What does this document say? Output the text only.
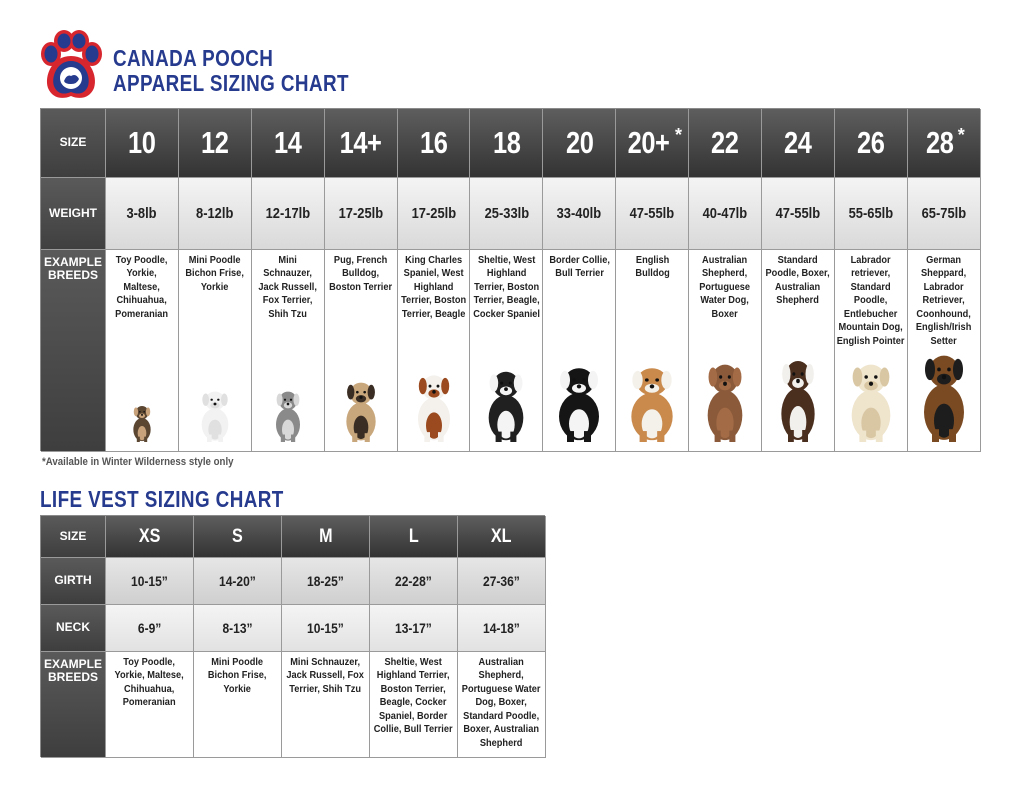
CANADA POOCH
APPAREL SIZING CHART
SIZE
WEIGHT
EXAMPLE BREEDS
10
3-8lb
Toy Poodle, Yorkie, Maltese, Chihuahua, Pomeranian
12
8-12lb
Mini Poodle Bichon Frise, Yorkie
14
12-17lb
Mini Schnauzer, Jack Russell, Fox Terrier, Shih Tzu
14+
17-25lb
Pug, French Bulldog, Boston Terrier
16
17-25lb
King Charles Spaniel, West Highland Terrier, Boston Terrier, Beagle
18
25-33lb
Sheltie, West Highland Terrier, Boston Terrier, Beagle, Cocker Spaniel
20
33-40lb
Border Collie, Bull Terrier
20+ *
47-55lb
English Bulldog
22
40-47lb
Australian Shepherd, Portuguese Water Dog, Boxer
24
47-55lb
Standard Poodle, Boxer, Australian Shepherd
26
55-65lb
Labrador retriever, Standard Poodle, Entlebucher Mountain Dog, English Pointer
28*
65-75lb
German Sheppard, Labrador Retriever, Coonhound, English/Irish Setter
*Available in Winter Wilderness style only
LIFE VEST SIZING CHART
SIZE
GIRTH
NECK
EXAMPLE BREEDS
XS
10-15”
6-9”
Toy Poodle, Yorkie, Maltese, Chihuahua, Pomeranian
S
14-20”
8-13”
Mini Poodle Bichon Frise, Yorkie
M
18-25”
10-15”
Mini Schnauzer, Jack Russell, Fox Terrier, Shih Tzu
L
22-28”
13-17”
Sheltie, West Highland Terrier, Boston Terrier, Beagle, Cocker Spaniel, Border Collie, Bull Terrier
XL
27-36”
14-18”
Australian Shepherd, Portuguese Water Dog, Boxer, Standard Poodle, Boxer, Australian Shepherd
